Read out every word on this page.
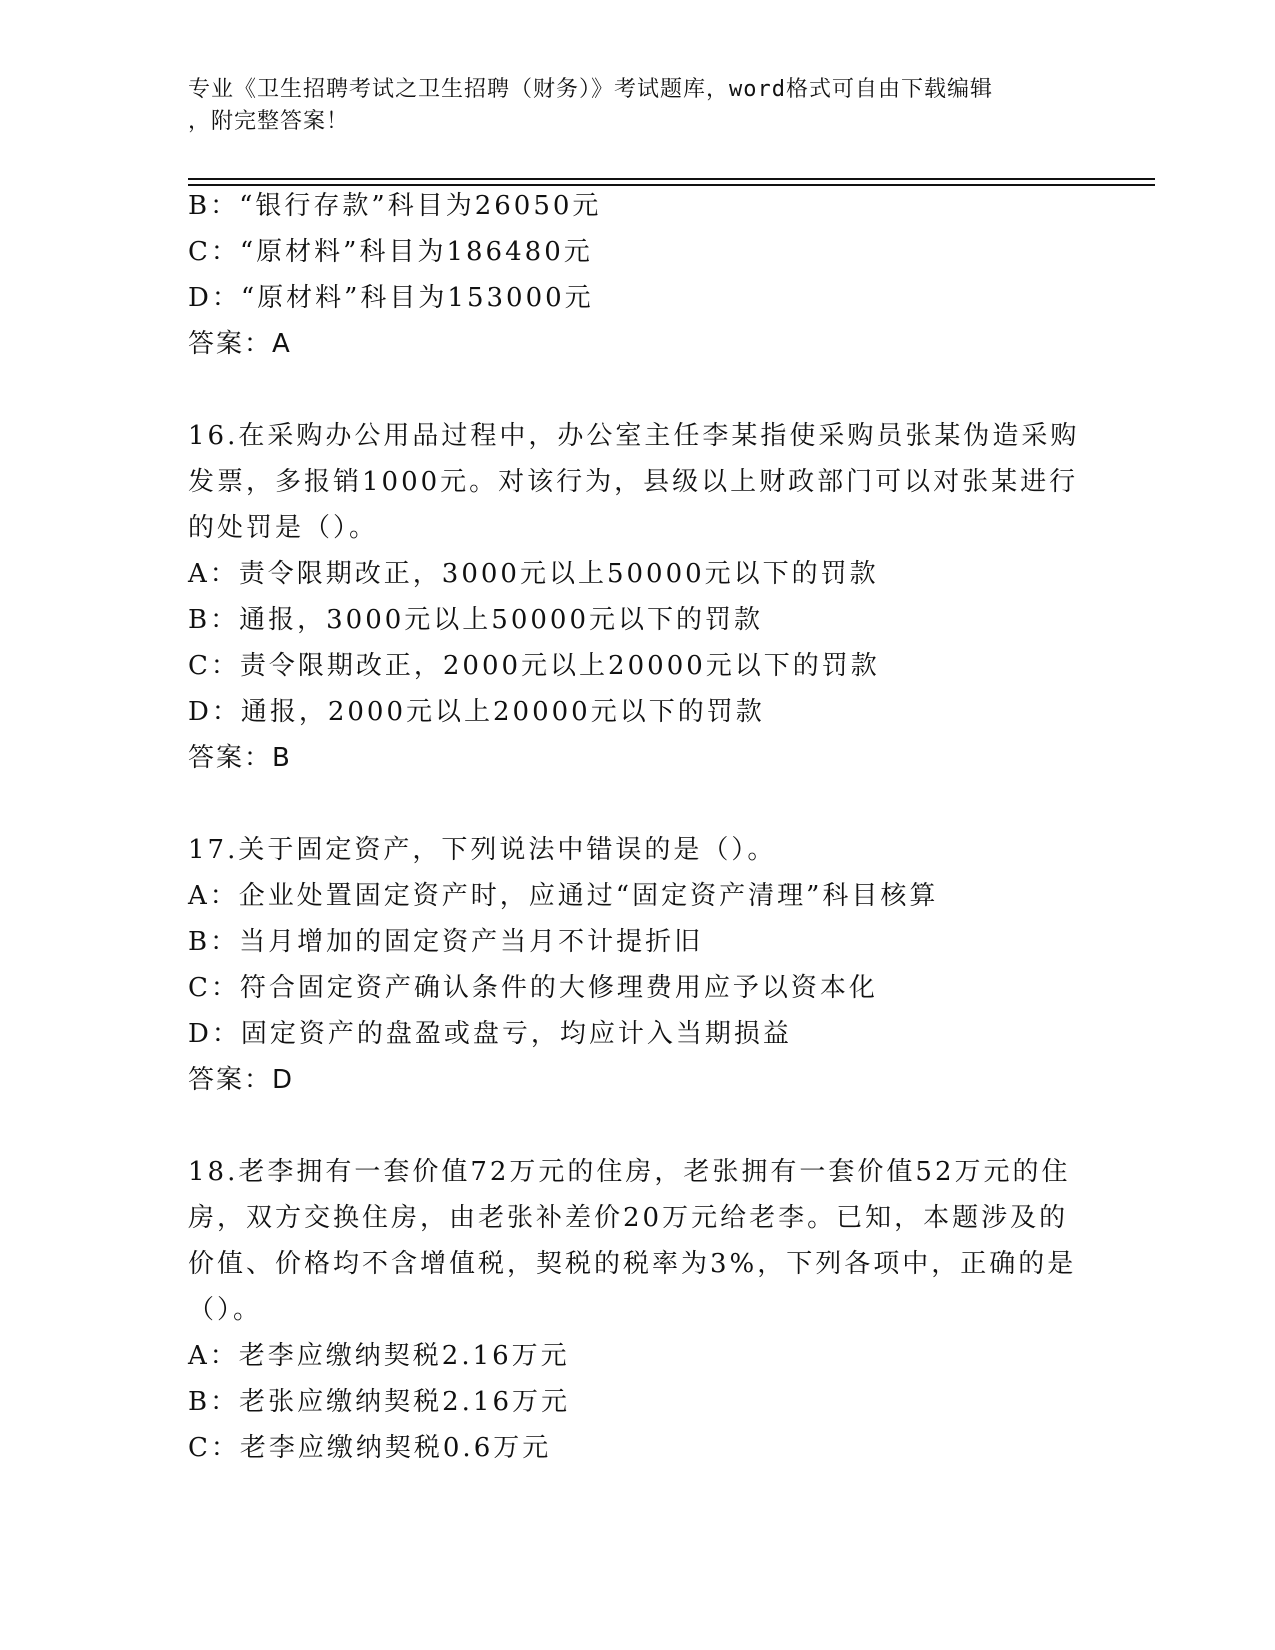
专业《卫生招聘考试之卫生招聘（财务）》考试题库，word格式可自由下载编辑
，附完整答案！
B：“银行存款”科目为26050元
C：“原材料”科目为186480元
D：“原材料”科目为153000元
答案：A
16.在采购办公用品过程中，办公室主任李某指使采购员张某伪造采购
发票，多报销1000元。对该行为，县级以上财政部门可以对张某进行
的处罚是（）。
A：责令限期改正，3000元以上50000元以下的罚款
B：通报，3000元以上50000元以下的罚款
C：责令限期改正，2000元以上20000元以下的罚款
D：通报，2000元以上20000元以下的罚款
答案：B
17.关于固定资产，下列说法中错误的是（）。
A：企业处置固定资产时，应通过“固定资产清理”科目核算
B：当月增加的固定资产当月不计提折旧
C：符合固定资产确认条件的大修理费用应予以资本化
D：固定资产的盘盈或盘亏，均应计入当期损益
答案：D
18.老李拥有一套价值72万元的住房，老张拥有一套价值52万元的住
房，双方交换住房，由老张补差价20万元给老李。已知，本题涉及的
价值、价格均不含增值税，契税的税率为3%，下列各项中，正确的是
（）。
A：老李应缴纳契税2.16万元
B：老张应缴纳契税2.16万元
C：老李应缴纳契税0.6万元
